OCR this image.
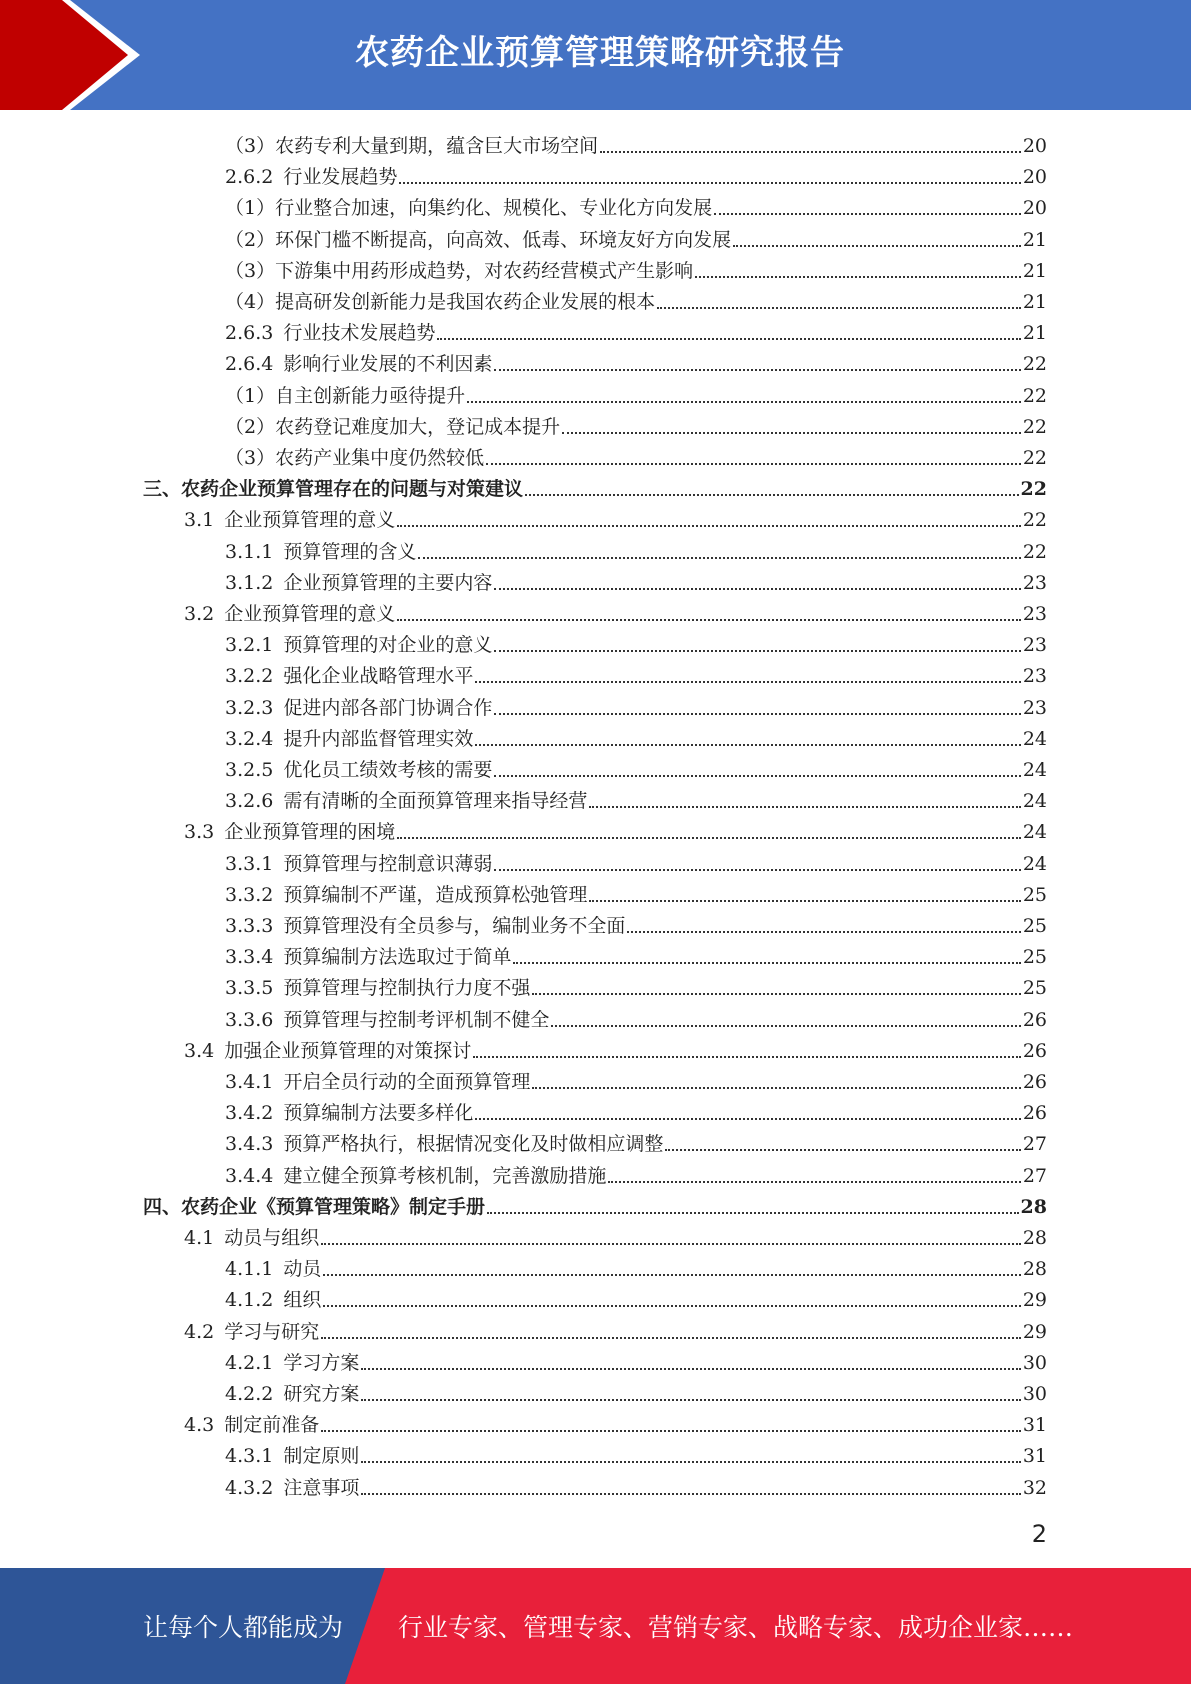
农药企业预算管理策略研究报告
（3）农药专利大量到期，蕴含巨大市场空间	20
2.6.2 行业发展趋势	20
（1）行业整合加速，向集约化、规模化、专业化方向发展	20
（2）环保门槛不断提高，向高效、低毒、环境友好方向发展	21
（3）下游集中用药形成趋势，对农药经营模式产生影响	21
（4）提高研发创新能力是我国农药企业发展的根本	21
2.6.3 行业技术发展趋势	21
2.6.4 影响行业发展的不利因素	22
（1）自主创新能力亟待提升	22
（2）农药登记难度加大，登记成本提升	22
（3）农药产业集中度仍然较低	22
三、农药企业预算管理存在的问题与对策建议	22
3.1 企业预算管理的意义	22
3.1.1 预算管理的含义	22
3.1.2 企业预算管理的主要内容	23
3.2 企业预算管理的意义	23
3.2.1 预算管理的对企业的意义	23
3.2.2 强化企业战略管理水平	23
3.2.3 促进内部各部门协调合作	23
3.2.4 提升内部监督管理实效	24
3.2.5 优化员工绩效考核的需要	24
3.2.6 需有清晰的全面预算管理来指导经营	24
3.3 企业预算管理的困境	24
3.3.1 预算管理与控制意识薄弱	24
3.3.2 预算编制不严谨，造成预算松弛管理	25
3.3.3 预算管理没有全员参与，编制业务不全面	25
3.3.4 预算编制方法选取过于简单	25
3.3.5 预算管理与控制执行力度不强	25
3.3.6 预算管理与控制考评机制不健全	26
3.4 加强企业预算管理的对策探讨	26
3.4.1 开启全员行动的全面预算管理	26
3.4.2 预算编制方法要多样化	26
3.4.3 预算严格执行，根据情况变化及时做相应调整	27
3.4.4 建立健全预算考核机制，完善激励措施	27
四、农药企业《预算管理策略》制定手册	28
4.1 动员与组织	28
4.1.1 动员	28
4.1.2 组织	29
4.2 学习与研究	29
4.2.1 学习方案	30
4.2.2 研究方案	30
4.3 制定前准备	31
4.3.1 制定原则	31
4.3.2 注意事项	32
2
让每个人都能成为 行业专家、管理专家、营销专家、战略专家、成功企业家……
